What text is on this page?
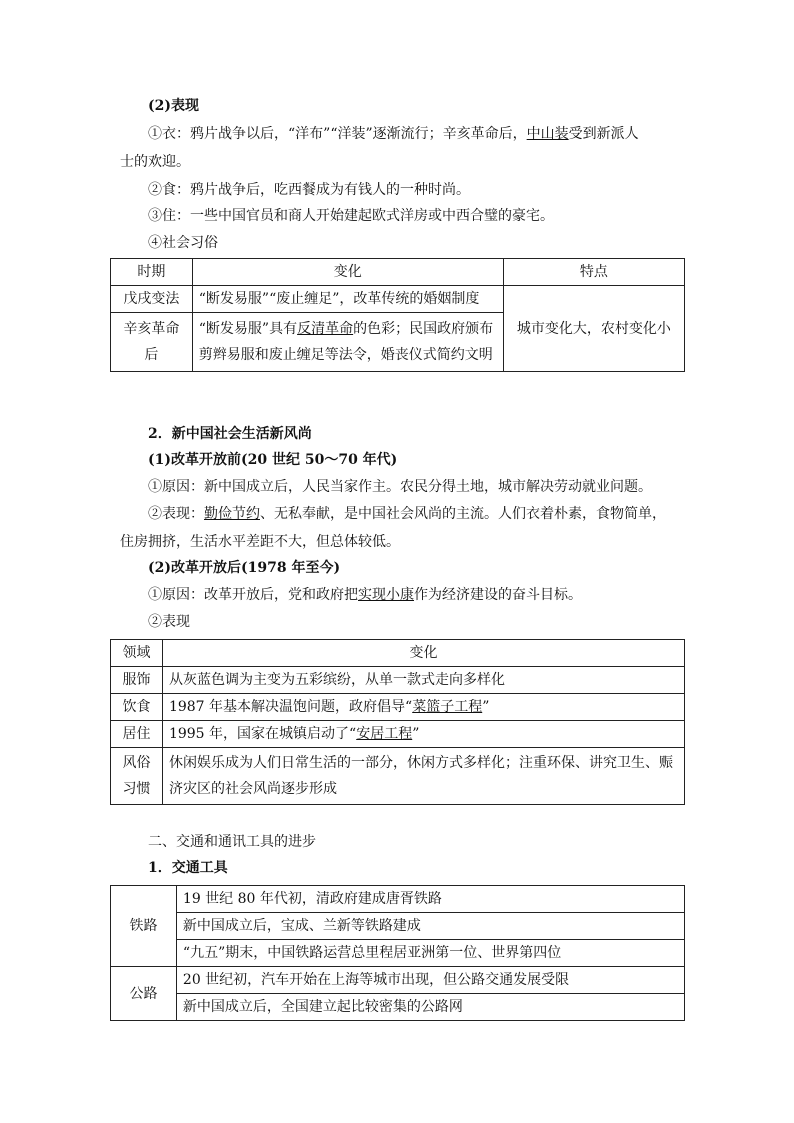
(2)表现
①衣：鸦片战争以后，“洋布”“洋装”逐渐流行；辛亥革命后，中山装受到新派人
士的欢迎。
②食：鸦片战争后，吃西餐成为有钱人的一种时尚。
③住：一些中国官员和商人开始建起欧式洋房或中西合璧的豪宅。
④社会习俗
时期	变化	特点
戊戌变法	“断发易服”“废止缠足”，改革传统的婚姻制度	城市变化大，农村变化小
辛亥革命后	“断发易服”具有反清革命的色彩；民国政府颁布剪辫易服和废止缠足等法令，婚丧仪式简约文明	
2．新中国社会生活新风尚
(1)改革开放前(20 世纪 50～70 年代)
①原因：新中国成立后，人民当家作主。农民分得土地，城市解决劳动就业问题。
②表现：勤俭节约、无私奉献，是中国社会风尚的主流。人们衣着朴素，食物简单，
住房拥挤，生活水平差距不大，但总体较低。
(2)改革开放后(1978 年至今)
①原因：改革开放后，党和政府把实现小康作为经济建设的奋斗目标。
②表现
领域	变化
服饰	从灰蓝色调为主变为五彩缤纷，从单一款式走向多样化
饮食	1987 年基本解决温饱问题，政府倡导“菜篮子工程”
居住	1995 年，国家在城镇启动了“安居工程”
风俗习惯	休闲娱乐成为人们日常生活的一部分，休闲方式多样化；注重环保、讲究卫生、赈济灾区的社会风尚逐步形成
二、交通和通讯工具的进步
1．交通工具
铁路	19 世纪 80 年代初，清政府建成唐胥铁路
	新中国成立后，宝成、兰新等铁路建成
	“九五”期末，中国铁路运营总里程居亚洲第一位、世界第四位
公路	20 世纪初，汽车开始在上海等城市出现，但公路交通发展受限
	新中国成立后，全国建立起比较密集的公路网
